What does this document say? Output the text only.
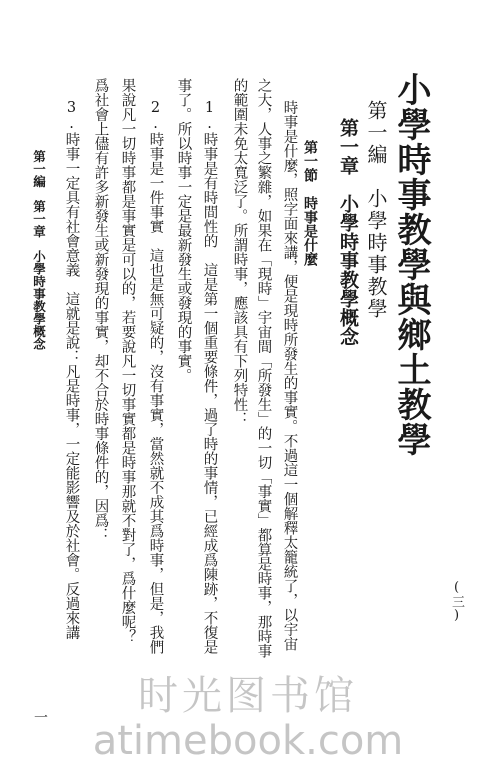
小學時事教學與鄉土教學
第一編　小學時事教學
第一章　小學時事教學概念
第一節　時事是什麼
時事是什麼，照字面來講，便是現時所發生的事實。不過這一個解釋太籠統了，以宇宙
之大，人事之繁雜，如果在「現時」宇宙間「所發生」的一切「事實」都算是時事，那時事
的範圍未免太寬泛了。所謂時事，應該具有下列特性：
1.時事是有時間性的　這是第一個重要條件，過了時的事情，已經成爲陳跡，不復是
事了。所以時事一定是最新發生或發現的事實。
2.時事是一件事實　這也是無可疑的，沒有事實，當然就不成其爲時事，但是，我們
果說凡一切時事都是事實是可以的，若要說凡一切事實都是時事那就不對了，爲什麼呢？
爲社會上儘有許多新發生或新發現的事實，却不合於時事條件的，因爲：
3.時事一定具有社會意義　這就是說：凡是時事，一定能影響及於社會。反過來講
第一編　第一章　小學時事教學概念
一
(三)
时光图书馆
atimebook.com
